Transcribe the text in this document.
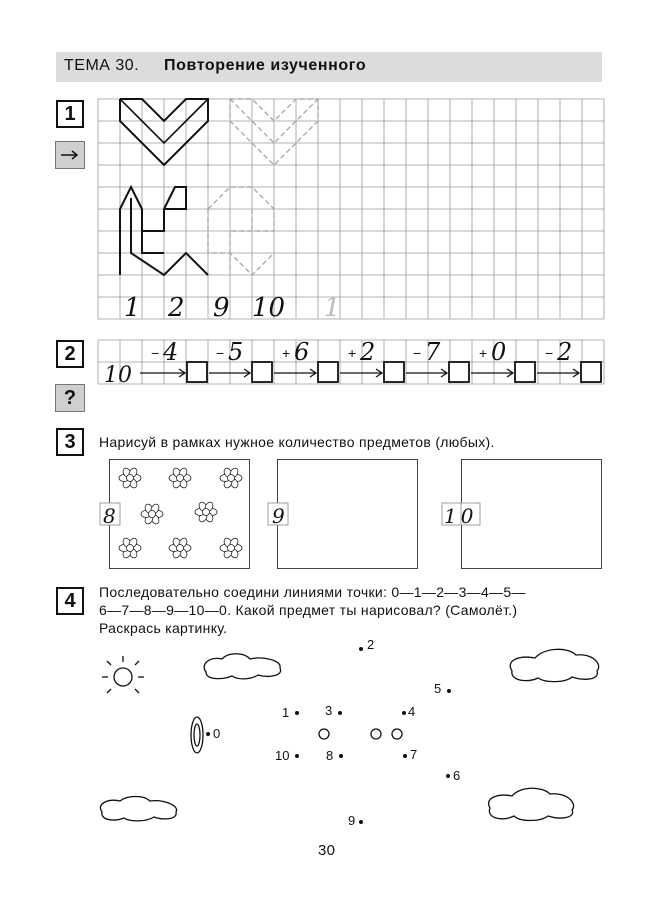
ТЕМА 30. Повторение изученного
1
1 2 9 10 1
2
?
10
− 4	− 5	+ 6	+ 2	− 7	+ 0	− 2
3	Нарисуй в рамках нужное количество предметов (любых).
8	9	10
4	Последовательно соедини линиями точки: 0—1—2—3—4—5—
6—7—8—9—10—0. Какой предмет ты нарисовал? (Самолёт.)
Раскрась картинку.
0
1
2
3	4
5
6
7
8
9
10
30
